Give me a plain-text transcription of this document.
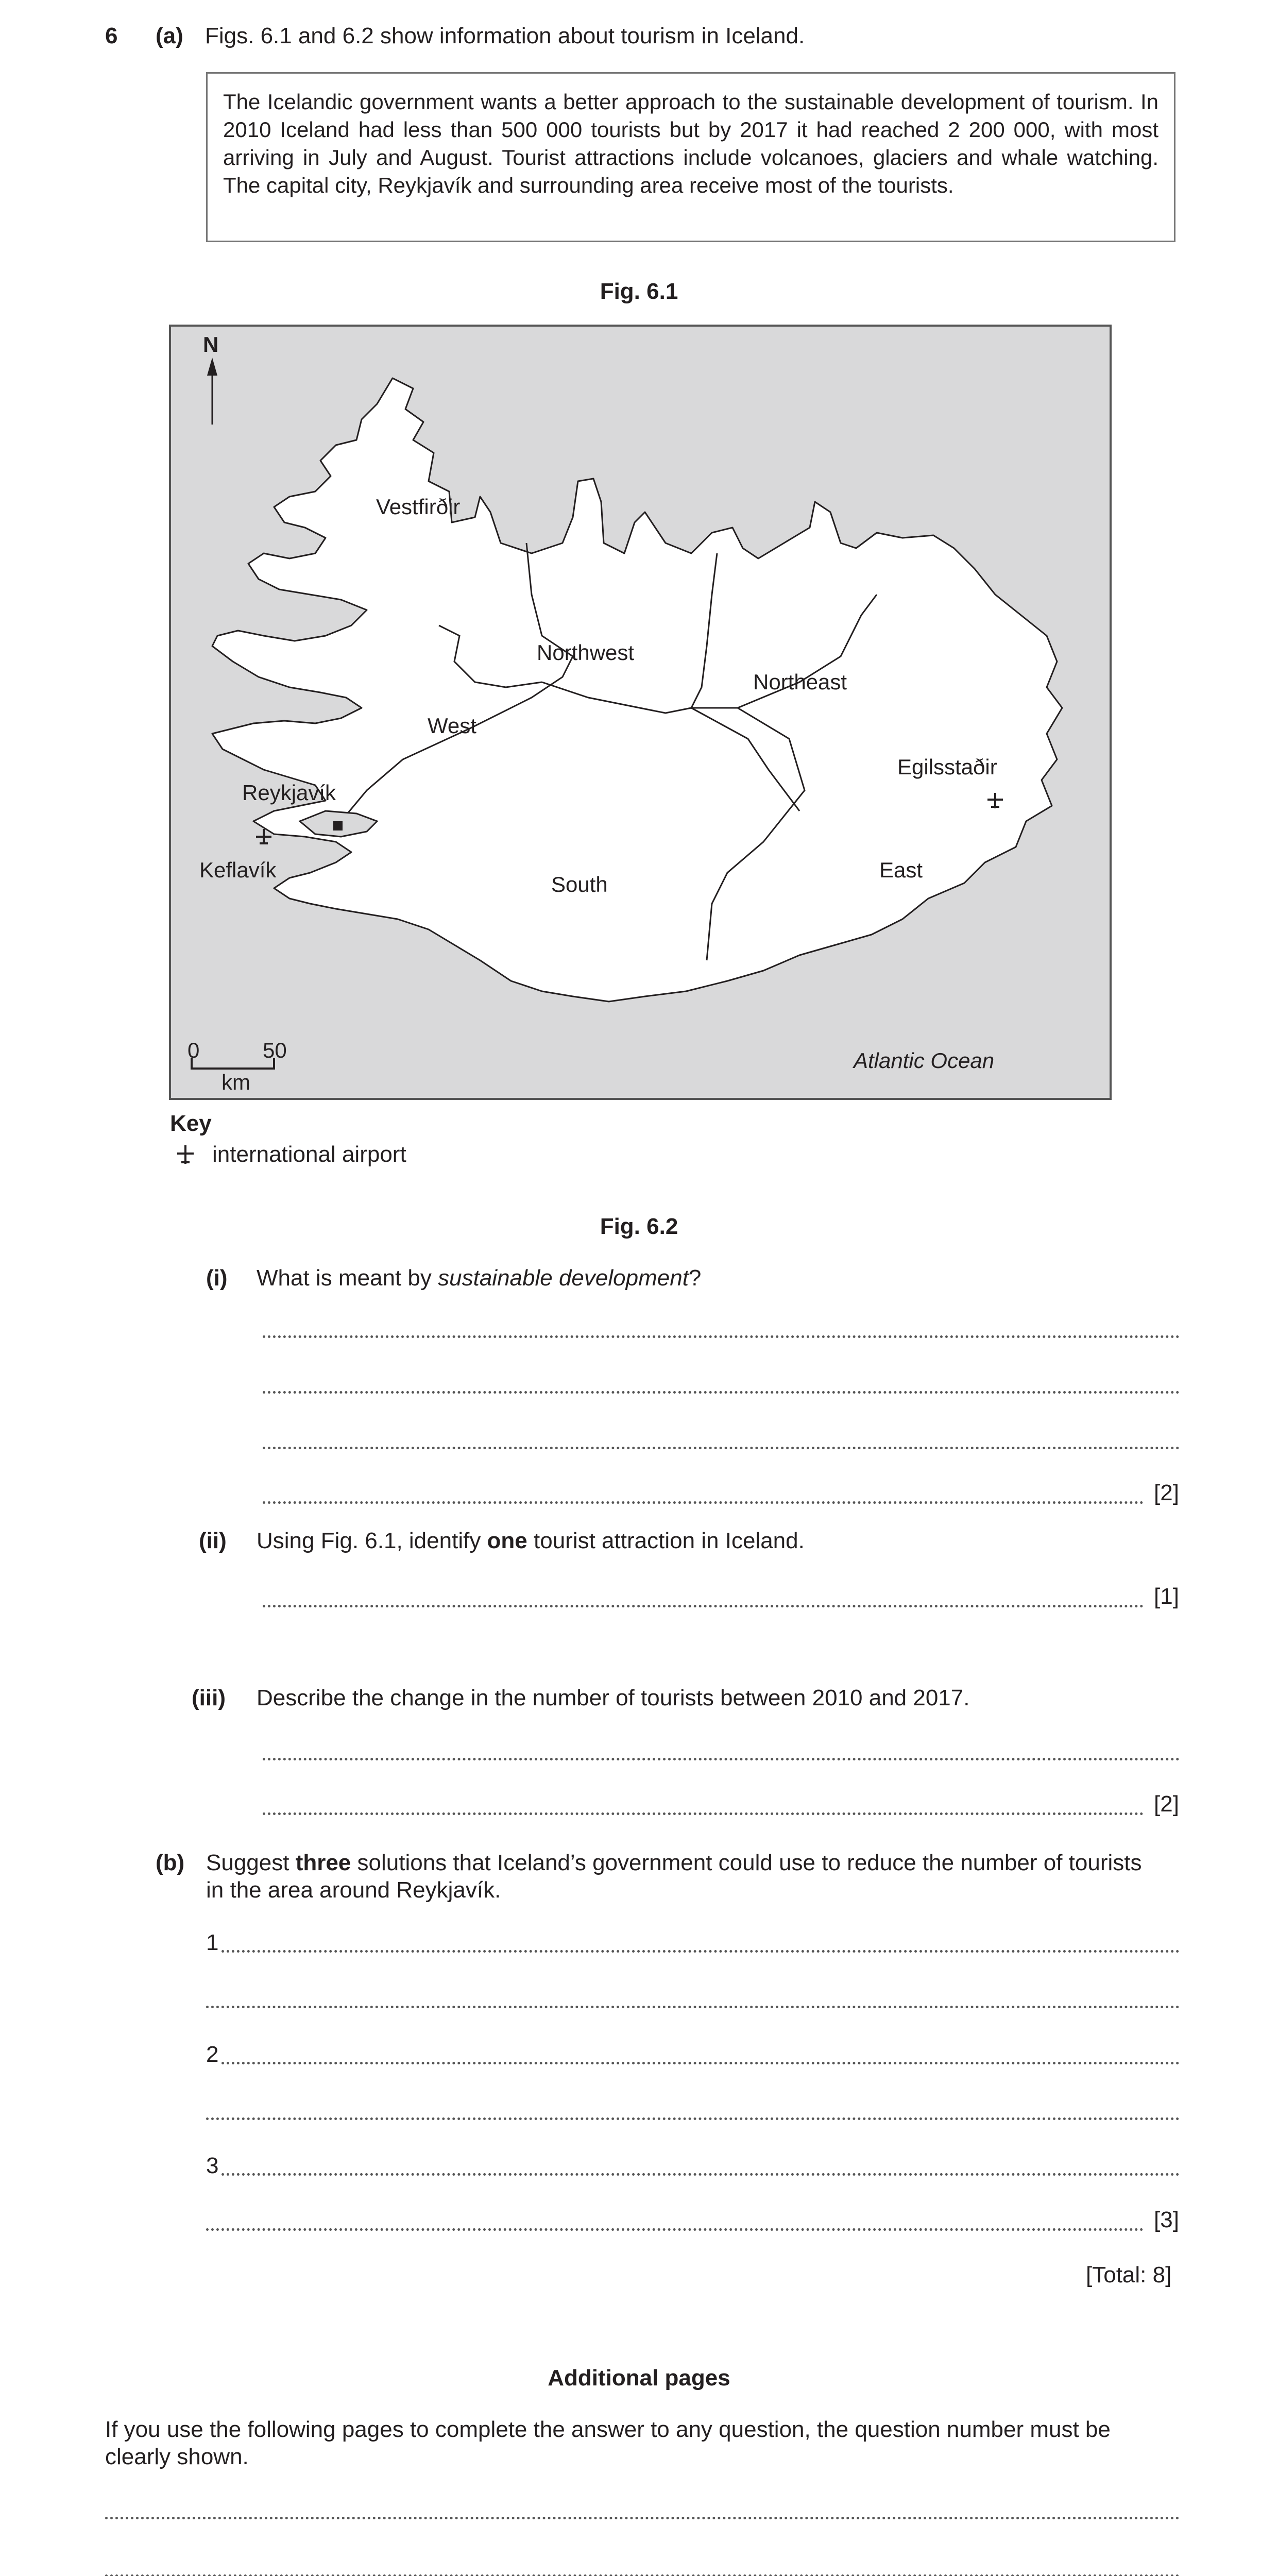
6 (a) Figs. 6.1 and 6.2 show information about tourism in Iceland.
The Icelandic government wants a better approach to the sustainable development of tourism. In 2010 Iceland had less than 500 000 tourists but by 2017 it had reached 2 200 000, with most arriving in July and August. Tourist attractions include volcanoes, glaciers and whale watching. The capital city, Reykjavík and surrounding area receive most of the tourists.
Fig. 6.1
N
Vestfirðir
Northwest
Northeast
West
South
East
Reykjavík
Keflavík
Egilsstaðir
Atlantic Ocean
0	50
km
Key
international airport
Fig. 6.2
(i) What is meant by sustainable development?
[2]
(ii) Using Fig. 6.1, identify one tourist attraction in Iceland.
[1]
(iii) Describe the change in the number of tourists between 2010 and 2017.
[2]
(b) Suggest three solutions that Iceland’s government could use to reduce the number of tourists
in the area around Reykjavík.
1
2
3
[3]
[Total: 8]
Additional pages
If you use the following pages to complete the answer to any question, the question number must be
clearly shown.
